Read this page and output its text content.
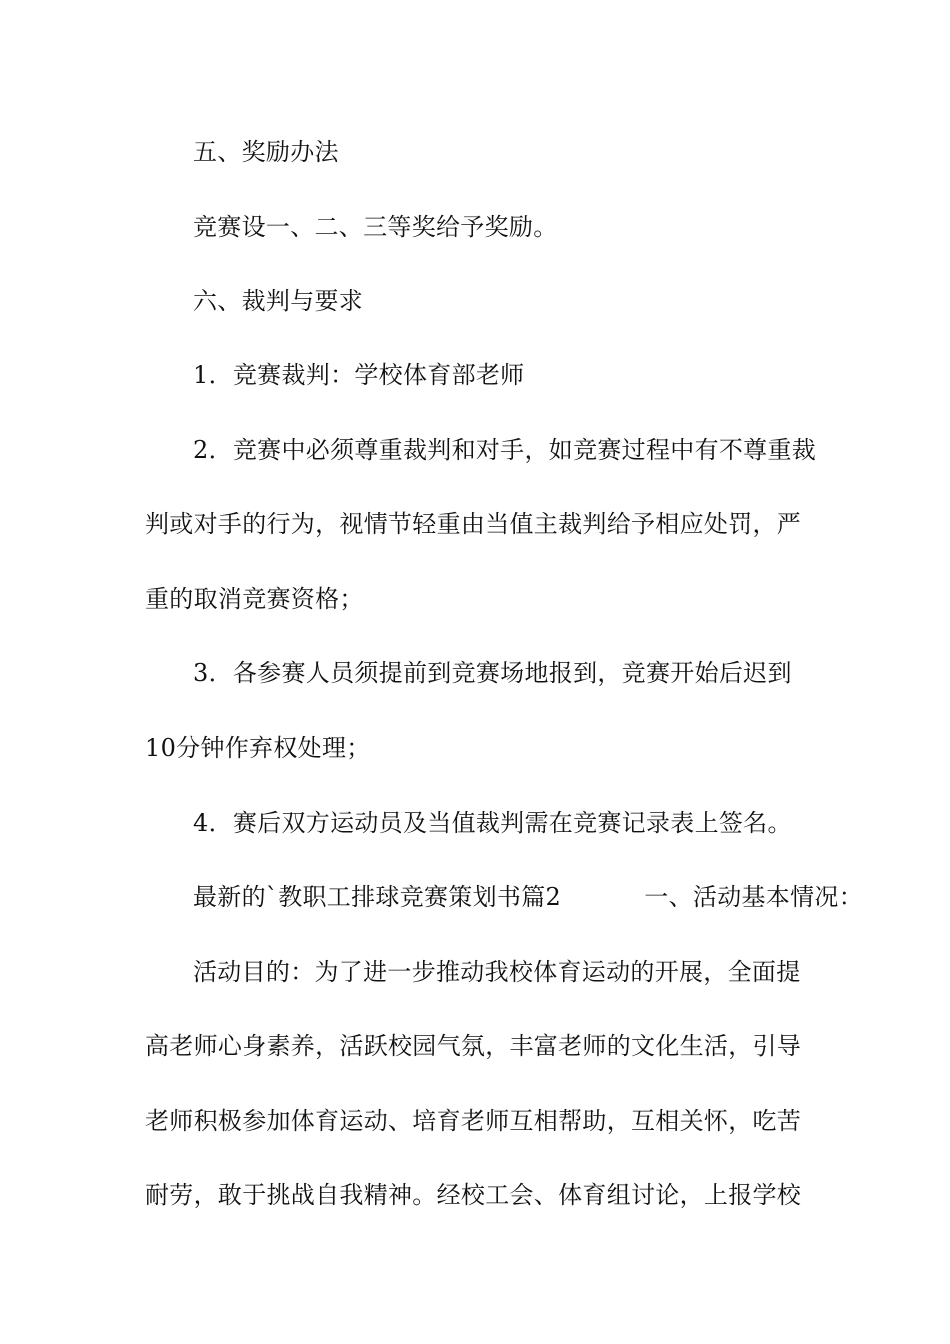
五、奖励办法
竞赛设一、二、三等奖给予奖励。
六、裁判与要求
1．竞赛裁判：学校体育部老师
2．竞赛中必须尊重裁判和对手，如竞赛过程中有不尊重裁
判或对手的行为，视情节轻重由当值主裁判给予相应处罚，严
重的取消竞赛资格；
3．各参赛人员须提前到竞赛场地报到，竞赛开始后迟到
10分钟作弃权处理；
4．赛后双方运动员及当值裁判需在竞赛记录表上签名。
最新的`教职工排球竞赛策划书篇2	一、活动基本情况：
活动目的：为了进一步推动我校体育运动的开展，全面提
高老师心身素养，活跃校园气氛，丰富老师的文化生活，引导
老师积极参加体育运动、培育老师互相帮助，互相关怀，吃苦
耐劳，敢于挑战自我精神。经校工会、体育组讨论，上报学校
